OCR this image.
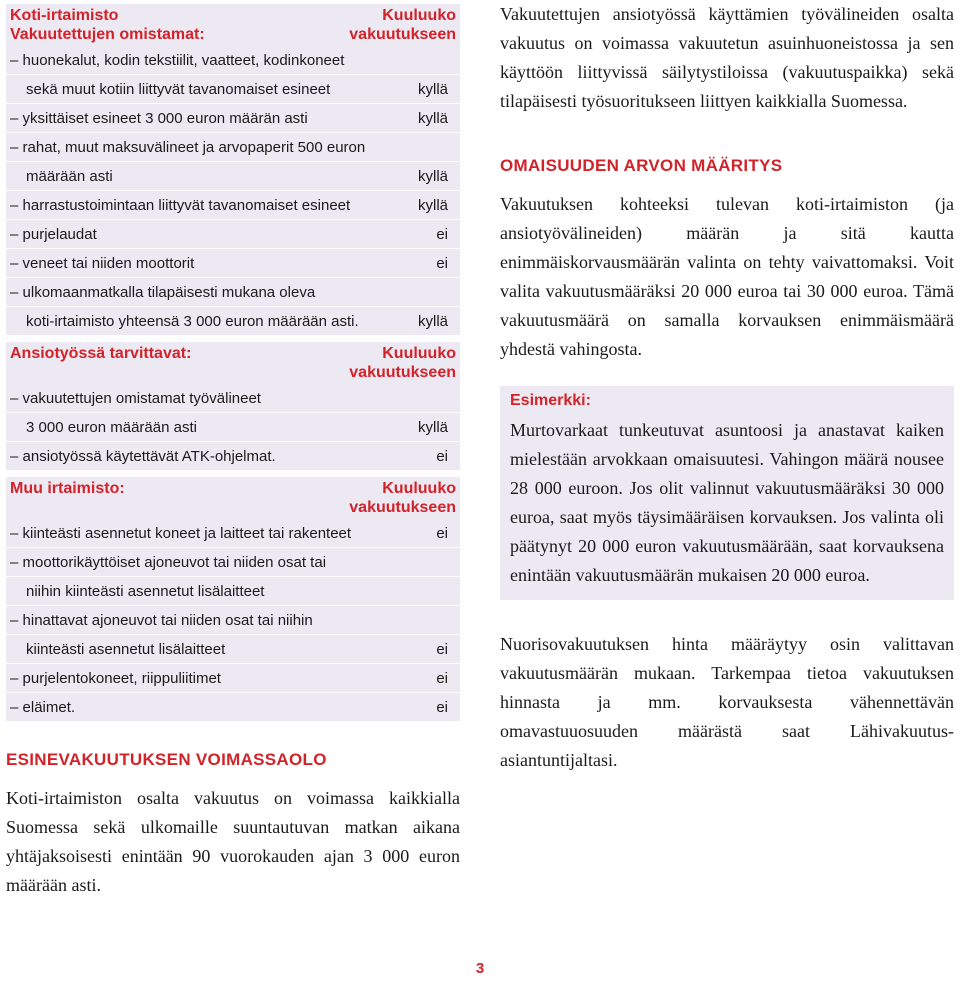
Koti-irtaimisto
Vakuutettujen omistamat:
Kuuluuko vakuutukseen
– huonekalut, kodin tekstiilit, vaatteet, kodinkoneet
sekä muut kotiin liittyvät tavanomaiset esineet	kyllä
– yksittäiset esineet 3 000 euron määrän asti	kyllä
– rahat, muut maksuvälineet ja arvopaperit 500 euron
määrään asti	kyllä
– harrastustoimintaan liittyvät tavanomaiset esineet	kyllä
– purjelaudat	ei
– veneet tai niiden moottorit	ei
– ulkomaanmatkalla tilapäisesti mukana oleva
koti-irtaimisto yhteensä 3 000 euron määrään asti.	kyllä
Ansiotyössä tarvittavat:	Kuuluuko vakuutukseen
– vakuutettujen omistamat työvälineet
3 000 euron määrään asti	kyllä
– ansiotyössä käytettävät ATK-ohjelmat.	ei
Muu irtaimisto:	Kuuluuko vakuutukseen
– kiinteästi asennetut koneet ja laitteet tai rakenteet	ei
– moottorikäyttöiset ajoneuvot tai niiden osat tai
niihin kiinteästi asennetut lisälaitteet
– hinattavat ajoneuvot tai niiden osat tai niihin
kiinteästi asennetut lisälaitteet	ei
– purjelentokoneet, riippuliitimet	ei
– eläimet.	ei
ESINEVAKUUTUKSEN VOIMASSAOLO
Koti-irtaimiston osalta vakuutus on voimassa kaikkialla Suomessa sekä ulkomaille suuntautuvan matkan aikana yhtäjaksoisesti enintään 90 vuorokauden ajan 3 000 euron määrään asti.
Vakuutettujen ansiotyössä käyttämien työvälineiden osalta vakuutus on voimassa vakuutetun asuinhuoneistossa ja sen käyttöön liittyvissä säilytystiloissa (vakuutuspaikka) sekä tilapäisesti työsuoritukseen liittyen kaikkialla Suomessa.
OMAISUUDEN ARVON MÄÄRITYS
Vakuutuksen kohteeksi tulevan koti-irtaimiston (ja ansiotyövälineiden) määrän ja sitä kautta enimmäiskorvausmäärän valinta on tehty vaivattomaksi. Voit valita vakuutusmääräksi 20 000 euroa tai 30 000 euroa. Tämä vakuutusmäärä on samalla korvauksen enimmäismäärä yhdestä vahingosta.
Esimerkki:
Murtovarkaat tunkeutuvat asuntoosi ja anastavat kaiken mielestään arvokkaan omaisuutesi. Vahingon määrä nousee 28 000 euroon. Jos olit valinnut vakuutusmääräksi 30 000 euroa, saat myös täysimääräisen korvauksen. Jos valinta oli päätynyt 20 000 euron vakuutusmäärään, saat korvauksena enintään vakuutusmäärän mukaisen 20 000 euroa.
Nuorisovakuutuksen hinta määräytyy osin valittavan vakuutusmäärän mukaan. Tarkempaa tietoa vakuutuksen hinnasta ja mm. korvauksesta vähennettävän omavastuuosuuden määrästä saat Lähivakuutus-asiantuntijaltasi.
3
